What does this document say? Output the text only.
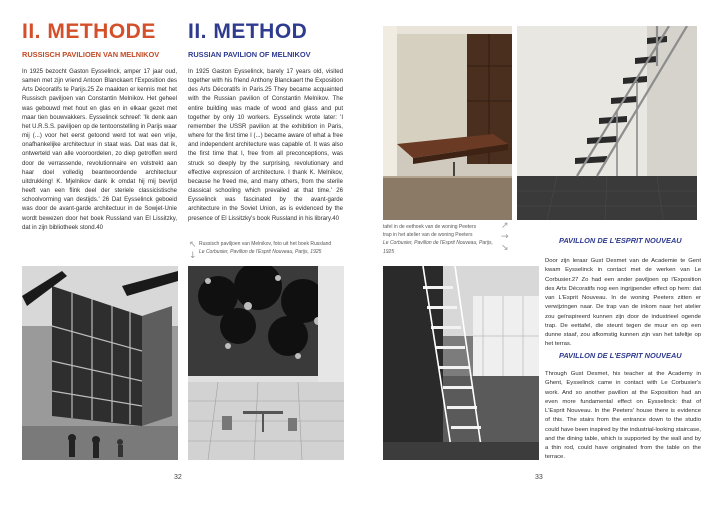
II. METHODE II. METHOD
RUSSISCH PAVILIOEN VAN MELNIKOV	RUSSIAN PAVILION OF MELNIKOV

In 1925 bezocht Gaston Eysselinck, amper 17 jaar oud, samen met zijn vriend Antoon Blanckaert l'Exposition des Arts Décoratifs te Parijs.25 Ze maakten er kennis met het Russisch paviljoen van Constantin Melnikov. Het geheel was gebouwd met hout en glas en in elkaar gezet met maar tien bouwvakkers. Eysselinck schreef: 'Ik denk aan het U.R.S.S. paviljoen op de tentoonstelling in Parijs waar mij (...) voor het eerst getoond werd tot wat een vrije, onafhankelijke architectuur in staat was. Dat was dat ik, ontwerteld van alle vooroordelen, zo diep getroffen werd door de verrassende, revolutionnaire en volstrekt aan haar doel volledig beantwoordende architectuur uitdrukking! K. Mjelnikov dank ik omdat hij mij bevrijd heeft van een flink deel der steriele classicistische schoolvorming van destijds.' 26 Dat Eysselinck geboeid was door de avant-garde architectuur in de Sowjet-Unie wordt bewezen door het boek Russland van El Lissitzky, dat in zijn bibliotheek stond.40

In 1925 Gaston Eysselinck, barely 17 years old, visited together with his friend Anthony Blanckaert the Exposition des Arts Décoratifs in Paris.25 They became acquainted with the Russian pavilion of Constantin Melnikov. The entire building was made of wood and glass and put together by only 10 workers. Eysselinck wrote later: 'I remember the USSR pavilion at the exhibition in Paris, where for the first time I (...) became aware of what a free and independent architecture was capable of. It was also the first time that I, free from all preconceptions, was struck so deeply by the surprising, revolutionary and effective expression of architecture. I thank K. Melnikov, because he freed me, and many others, from the sterile classical schooling which prevailed at that time.' 26 Eysselinck was fascinated by the avant-garde architecture in the Soviet Union, as is evidenced by the presence of El Lissitzky's book Russland in his library.40

↖
↓
Russisch paviljoen van Melnikov, foto uit het boek Russland
Le Corbusier, Pavillon de l'Esprit Nouveau, Parijs, 1925
32
↗
→
↘
tafel in de eethoek van de woning Peeters
trap in het atelier van de woning Peeters
Le Corbusier, Pavillon de l'Esprit Nouveau, Parijs, 1925
PAVILLON DE L'ESPRIT NOUVEAU

Door zijn leraar Gust Desmet van de Academie te Gent kwam Eysselinck in contact met de werken van Le Corbusier.27 Zo had een ander paviljoen op l'Exposition des Arts Décoratifs nog een ingrijpender effect op hem: dat van L'Esprit Nouveau. In de woning Peeters zitten er verwijzingen naar. De trap van de inkom naar het atelier zou geïnspireerd kunnen zijn door de industrieel ogende trap. De eettafel, die steunt tegen de muur en op een dunne staaf, zou afkomstig kunnen zijn van het tafeltje op het terras.

PAVILLON DE L'ESPRIT NOUVEAU

Through Gust Desmet, his teacher at the Academy in Ghent, Eysselinck came in contact with Le Corbusier's work. And so another pavilion at the Exposition had an even more fundamental effect on Eysselinck: that of L'Esprit Nouveau. In the Peeters' house there is evidence of this. The stairs from the entrance down to the studio could have been inspired by the industrial-looking staircase, and the dining table, which is supported by the wall and by a thin rod, could have originated from the table on the terrace.

33
